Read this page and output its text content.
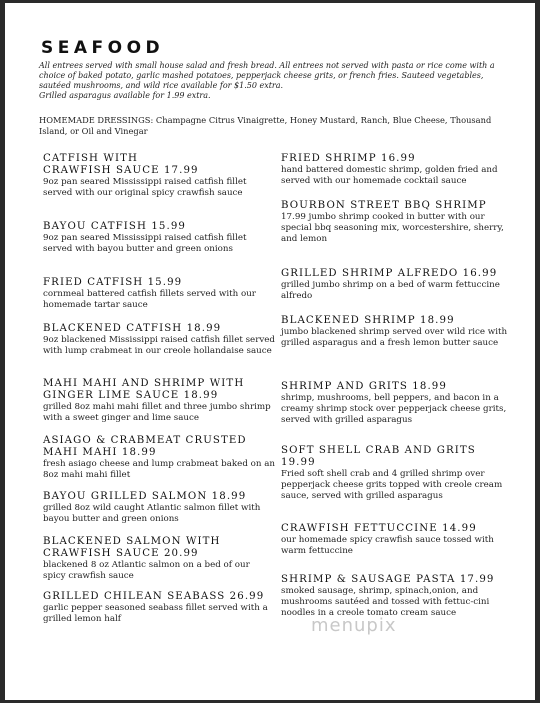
SEAFOOD

All entrees served with small house salad and fresh bread. All entrees not served with pasta or rice come with a choice of baked potato, garlic mashed potatoes, pepperjack cheese grits, or french fries. Sauteed vegetables, sautéed mushrooms, and wild rice available for $1.50 extra.

Grilled asparagus available for 1.99 extra.

HOMEMADE DRESSINGS: Champagne Citrus Vinaigrette, Honey Mustard, Ranch, Blue Cheese, Thousand Island, or Oil and Vinegar
CATFISH WITH
CRAWFISH SAUCE 17.99

9oz pan seared Mississippi raised catfish fillet served with our original spicy crawfish sauce

BAYOU CATFISH 15.99

9oz pan seared Mississippi raised catfish fillet served with bayou butter and green onions

FRIED CATFISH 15.99

cornmeal battered catfish fillets served with our homemade tartar sauce

BLACKENED CATFISH 18.99

9oz blackened Mississippi raised catfish fillet served with lump crabmeat in our creole hollandaise sauce

MAHI MAHI AND SHRIMP WITH GINGER LIME SAUCE 18.99

grilled 8oz mahi mahi fillet and three jumbo shrimp with a sweet ginger and lime sauce

ASIAGO & CRABMEAT CRUSTED MAHI MAHI 18.99

fresh asiago cheese and lump crabmeat baked on an 8oz mahi mahi fillet

BAYOU GRILLED SALMON 18.99

grilled 8oz wild caught Atlantic salmon fillet with bayou butter and green onions

BLACKENED SALMON WITH CRAWFISH SAUCE 20.99

blackened 8 oz Atlantic salmon on a bed of our spicy crawfish sauce

GRILLED CHILEAN SEABASS 26.99

garlic pepper seasoned seabass fillet served with a grilled lemon half

FRIED SHRIMP 16.99

hand battered domestic shrimp, golden fried and served with our homemade cocktail sauce

BOURBON STREET BBQ SHRIMP

17.99 jumbo shrimp cooked in butter with our special bbq seasoning mix, worcestershire, sherry, and lemon

GRILLED SHRIMP ALFREDO 16.99

grilled jumbo shrimp on a bed of warm fettuccine alfredo

BLACKENED SHRIMP 18.99

jumbo blackened shrimp served over wild rice with grilled asparagus and a fresh lemon butter sauce

SHRIMP AND GRITS 18.99

shrimp, mushrooms, bell peppers, and bacon in a creamy shrimp stock over pepperjack cheese grits, served with grilled asparagus

SOFT SHELL CRAB AND GRITS 19.99

Fried soft shell crab and 4 grilled shrimp over pepperjack cheese grits topped with creole cream sauce, served with grilled asparagus

CRAWFISH FETTUCCINE 14.99

our homemade spicy crawfish sauce tossed with warm fettuccine

SHRIMP & SAUSAGE PASTA 17.99

smoked sausage, shrimp, spinach,onion, and mushrooms sautéed and tossed with fettuc-cini noodles in a creole tomato cream sauce

menupix
